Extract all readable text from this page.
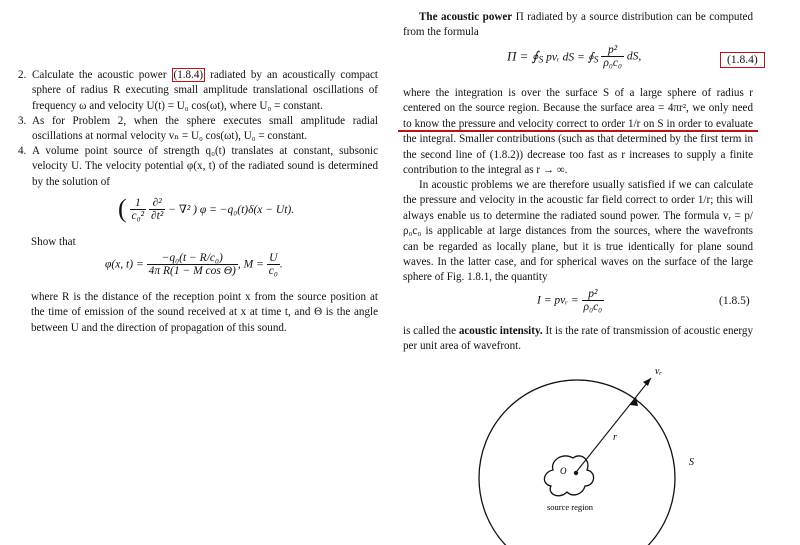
2. Calculate the acoustic power (1.8.4) radiated by an acoustically compact sphere of radius R executing small amplitude translational oscillations of frequency ω and velocity U(t) = U₀ cos(ωt), where U₀ = constant.
3. As for Problem 2, when the sphere executes small amplitude radial oscillations at normal velocity vₙ = U₀ cos(ωt), U₀ = constant.
4. A volume point source of strength q₀(t) translates at constant, subsonic velocity U. The velocity potential φ(x, t) of the radiated sound is determined by the solution of
( $\frac{1}{\text{c₀²}}$
$\frac{\text{∂²}}{\text{∂t²}} - \nabla^2$ ) φ = −q₀(t)δ(x − Ut).
Show that
φ(x, $t) = \frac{\text{−q₀(t − R/c₀)}}{\text{4π R(1 − M cos Θ)}}$ , $M = \frac{U}{\text{c₀}}$ .
where R is the distance of the reception point x from the source position at the time of emission of the sound received at x at time t, and Θ is the angle between U and the direction of propagation of this sound.
The acoustic power Π radiated by a source distribution can be computed from the formula
$\Pi = ∮_S$ pvᵣ dS = $∮_S \frac{\text{p²}}{\text{ρ₀c₀}}$ dS,	(1.8.4)
where the integration is over the surface S of a large sphere of radius r centered on the source region. Because the surface area = 4πr², we only need to know the pressure and velocity correct to order 1/r on S in order to evaluate the integral. Smaller contributions (such as that determined by the first term in the second line of (1.8.2)) decrease too fast as r increases to supply a finite contribution to the integral as r → ∞.
In acoustic problems we are therefore usually satisfied if we can calculate the pressure and velocity in the acoustic far field correct to order 1/r; this will always enable us to determine the radiated sound power. The formula vᵣ = p/ρ₀c₀ is applicable at large distances from the sources, where the wavefronts can be regarded as locally plane, but it is true identically for plane sound waves. In the latter case, and for spherical waves on the surface of the large sphere of Fig. 1.8.1, the quantity
I = pvᵣ = $\frac{\text{p²}}{\text{ρ₀c₀}}$	(1.8.5)
is called the acoustic intensity. It is the rate of transmission of acoustic energy per unit area of wavefront.
vᵣ
r
S
O
source region
